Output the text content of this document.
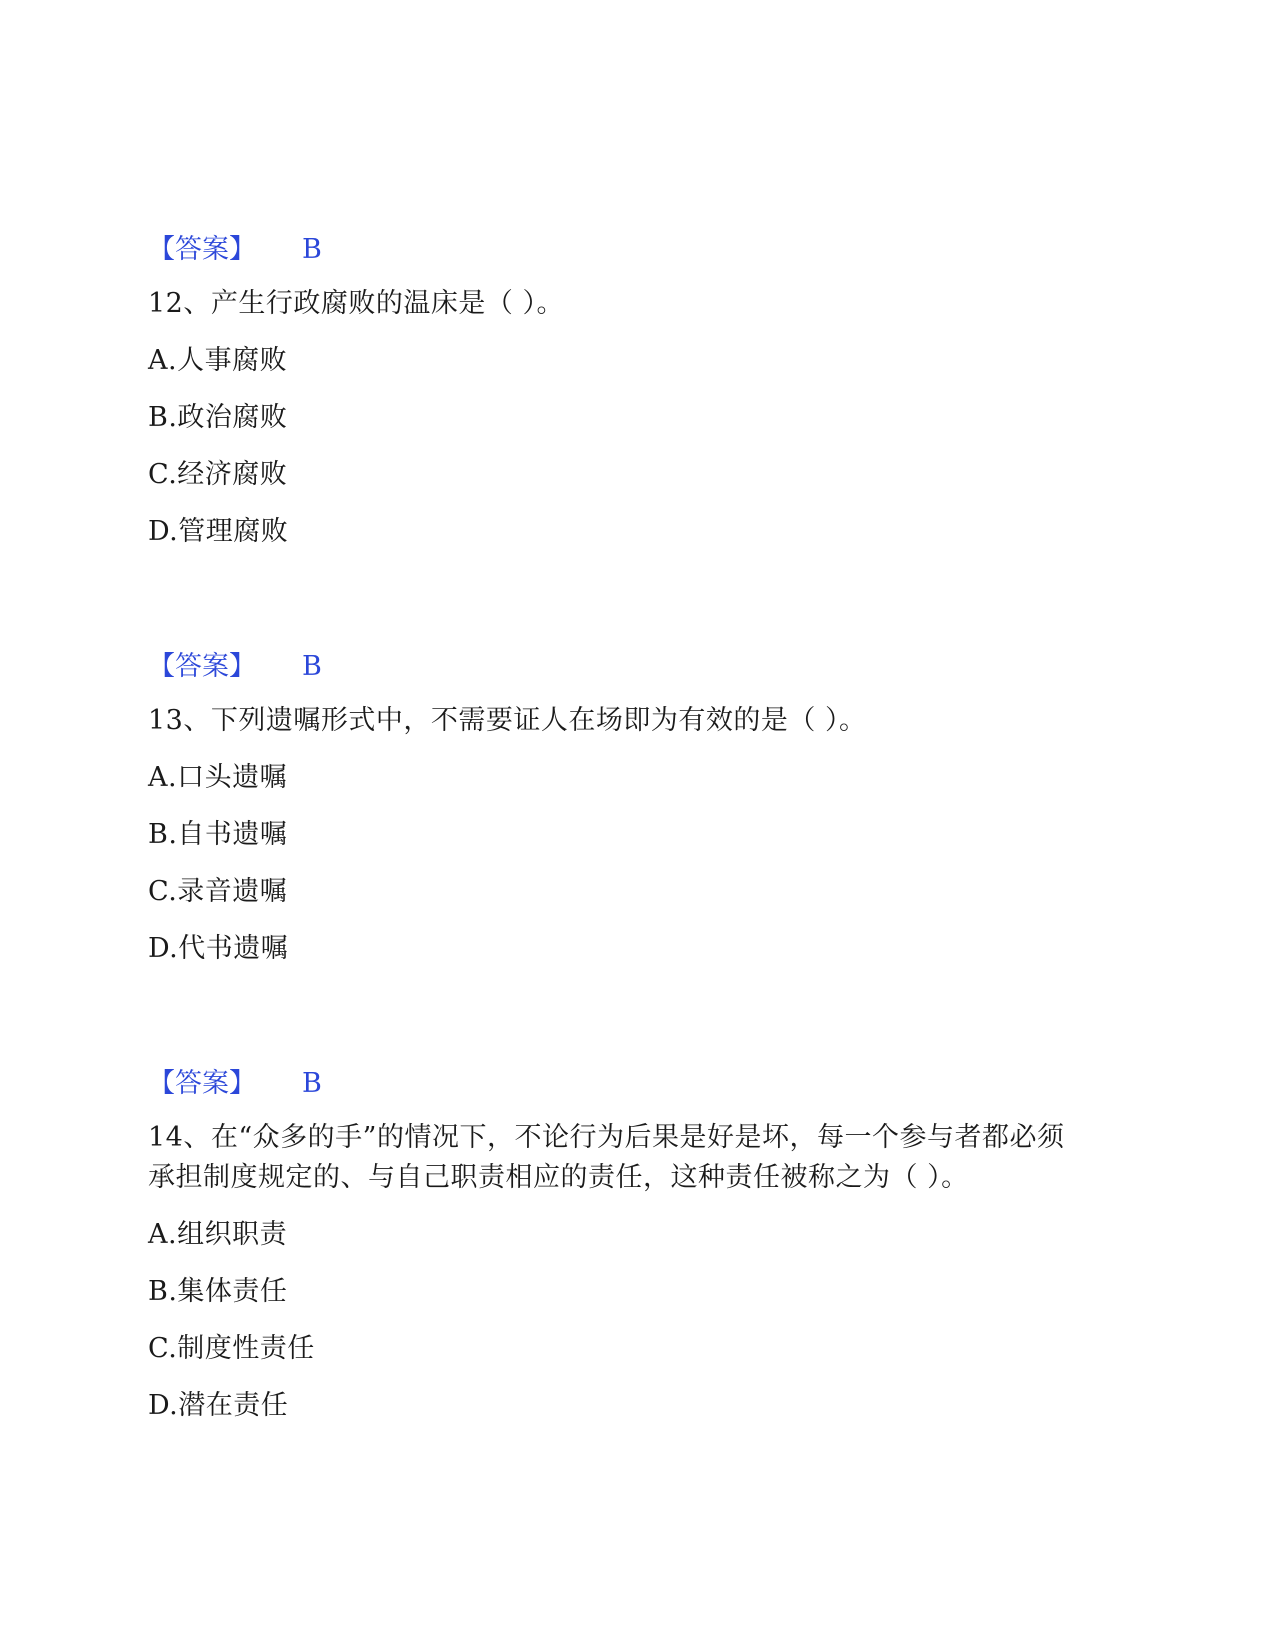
【答案】 B
12、产生行政腐败的温床是（ ）。
A.人事腐败
B.政治腐败
C.经济腐败
D.管理腐败
【答案】 B
13、下列遗嘱形式中，不需要证人在场即为有效的是（ ）。
A.口头遗嘱
B.自书遗嘱
C.录音遗嘱
D.代书遗嘱
【答案】 B
14、在“众多的手”的情况下，不论行为后果是好是坏，每一个参与者都必须承担制度规定的、与自己职责相应的责任，这种责任被称之为（ ）。
A.组织职责
B.集体责任
C.制度性责任
D.潜在责任
